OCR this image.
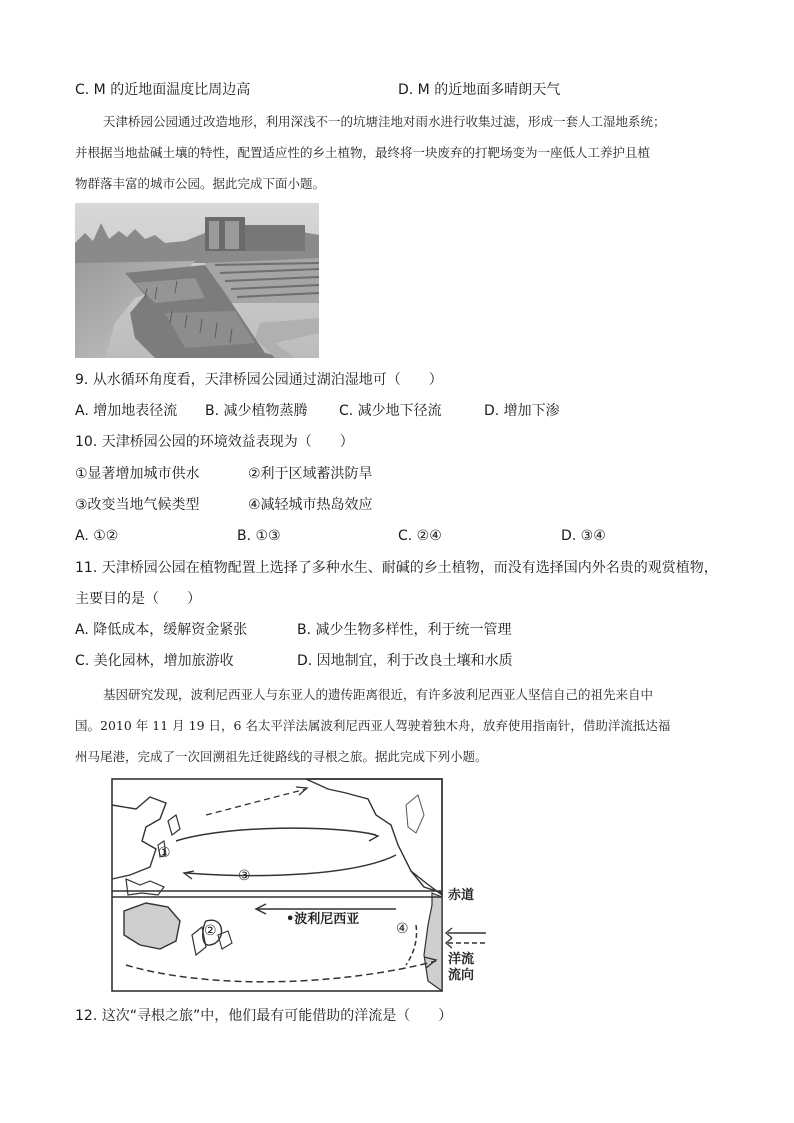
C. M 的近地面温度比周边高	D. M 的近地面多晴朗天气
天津桥园公园通过改造地形，利用深浅不一的坑塘洼地对雨水进行收集过滤，形成一套人工湿地系统；
并根据当地盐碱土壤的特性，配置适应性的乡土植物，最终将一块废弃的打靶场变为一座低人工养护且植
物群落丰富的城市公园。据此完成下面小题。
9. 从水循环角度看，天津桥园公园通过湖泊湿地可（　　）
A. 增加地表径流 B. 减少植物蒸腾 C. 减少地下径流	D. 增加下渗
10. 天津桥园公园的环境效益表现为（　　）
①显著增加城市供水	②利于区域蓄洪防旱
③改变当地气候类型	④减轻城市热岛效应
A. ①②	B. ①③	C. ②④	D. ③④
11. 天津桥园公园在植物配置上选择了多种水生、耐碱的乡土植物，而没有选择国内外名贵的观赏植物，
主要目的是（　　）
A. 降低成本，缓解资金紧张	B. 减少生物多样性，利于统一管理
C. 美化园林，增加旅游收	D. 因地制宜，利于改良土壤和水质
基因研究发现，波利尼西亚人与东亚人的遗传距离很近，有许多波利尼西亚人坚信自己的祖先来自中
国。2010 年 11 月 19 日，6 名太平洋法属波利尼西亚人驾驶着独木舟，放弃使用指南针，借助洋流抵达福
州马尾港，完成了一次回溯祖先迁徙路线的寻根之旅。据此完成下列小题。
①
②
③
④
•波利尼西亚
赤道
洋流
流向
12. 这次“寻根之旅”中，他们最有可能借助的洋流是（　　）
